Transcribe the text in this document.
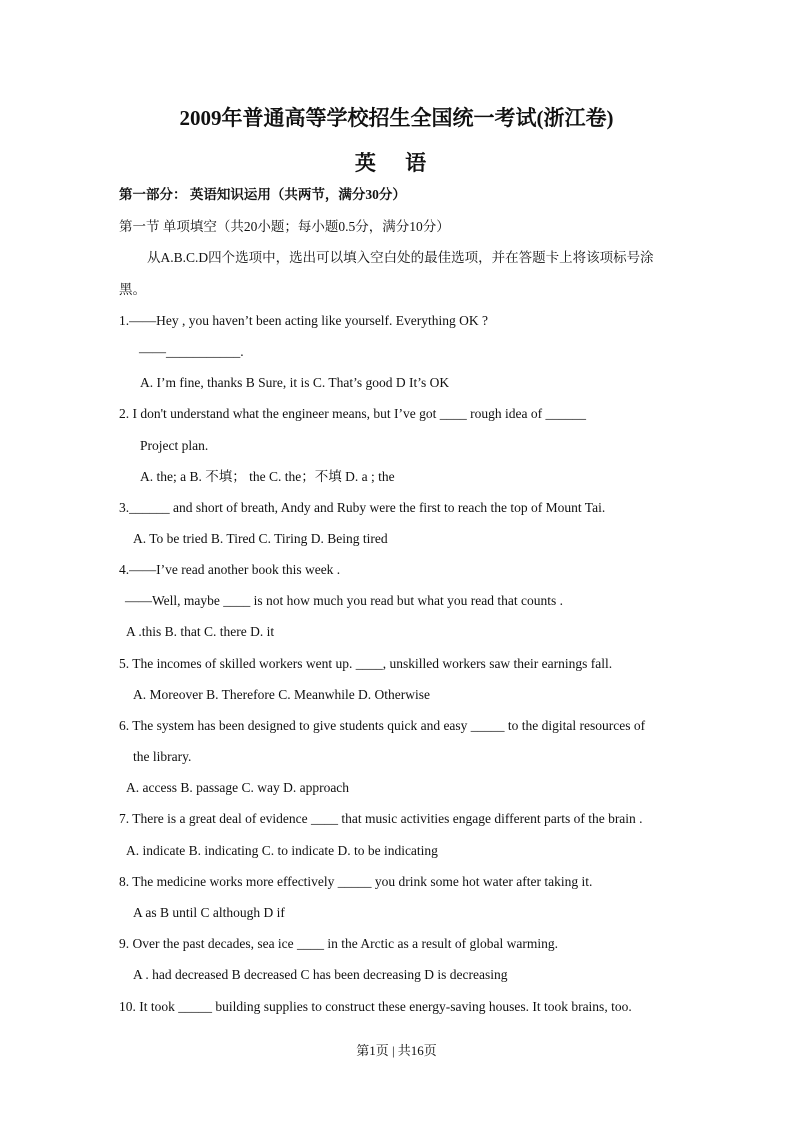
2009年普通高等学校招生全国统一考试(浙江卷)
英 语
第一部分： 英语知识运用（共两节，满分30分）
第一节 单项填空（共20小题；每小题0.5分，满分10分）
从A.B.C.D四个选项中，选出可以填入空白处的最佳选项，并在答题卡上将该项标号涂
黑。
1.——Hey , you haven’t been acting like yourself. Everything OK ?
——___________.
A. I’m fine, thanks B Sure, it is C. That’s good D It’s OK
2. I don't understand what the engineer means, but I’ve got ____ rough idea of ______
Project plan.
A. the; a B. 不填； the C. the；不填 D. a ; the
3.______ and short of breath, Andy and Ruby were the first to reach the top of Mount Tai.
A. To be tried B. Tired C. Tiring D. Being tired
4.——I’ve read another book this week .
——Well, maybe ____ is not how much you read but what you read that counts .
A .this B. that C. there D. it
5. The incomes of skilled workers went up. ____, unskilled workers saw their earnings fall.
A. Moreover B. Therefore C. Meanwhile D. Otherwise
6. The system has been designed to give students quick and easy _____ to the digital resources of
the library.
A. access B. passage C. way D. approach
7. There is a great deal of evidence ____ that music activities engage different parts of the brain .
A. indicate B. indicating C. to indicate D. to be indicating
8. The medicine works more effectively _____ you drink some hot water after taking it.
A as B until C although D if
9. Over the past decades, sea ice ____ in the Arctic as a result of global warming.
A . had decreased B decreased C has been decreasing D is decreasing
10. It took _____ building supplies to construct these energy-saving houses. It took brains, too.
第1页 | 共16页
